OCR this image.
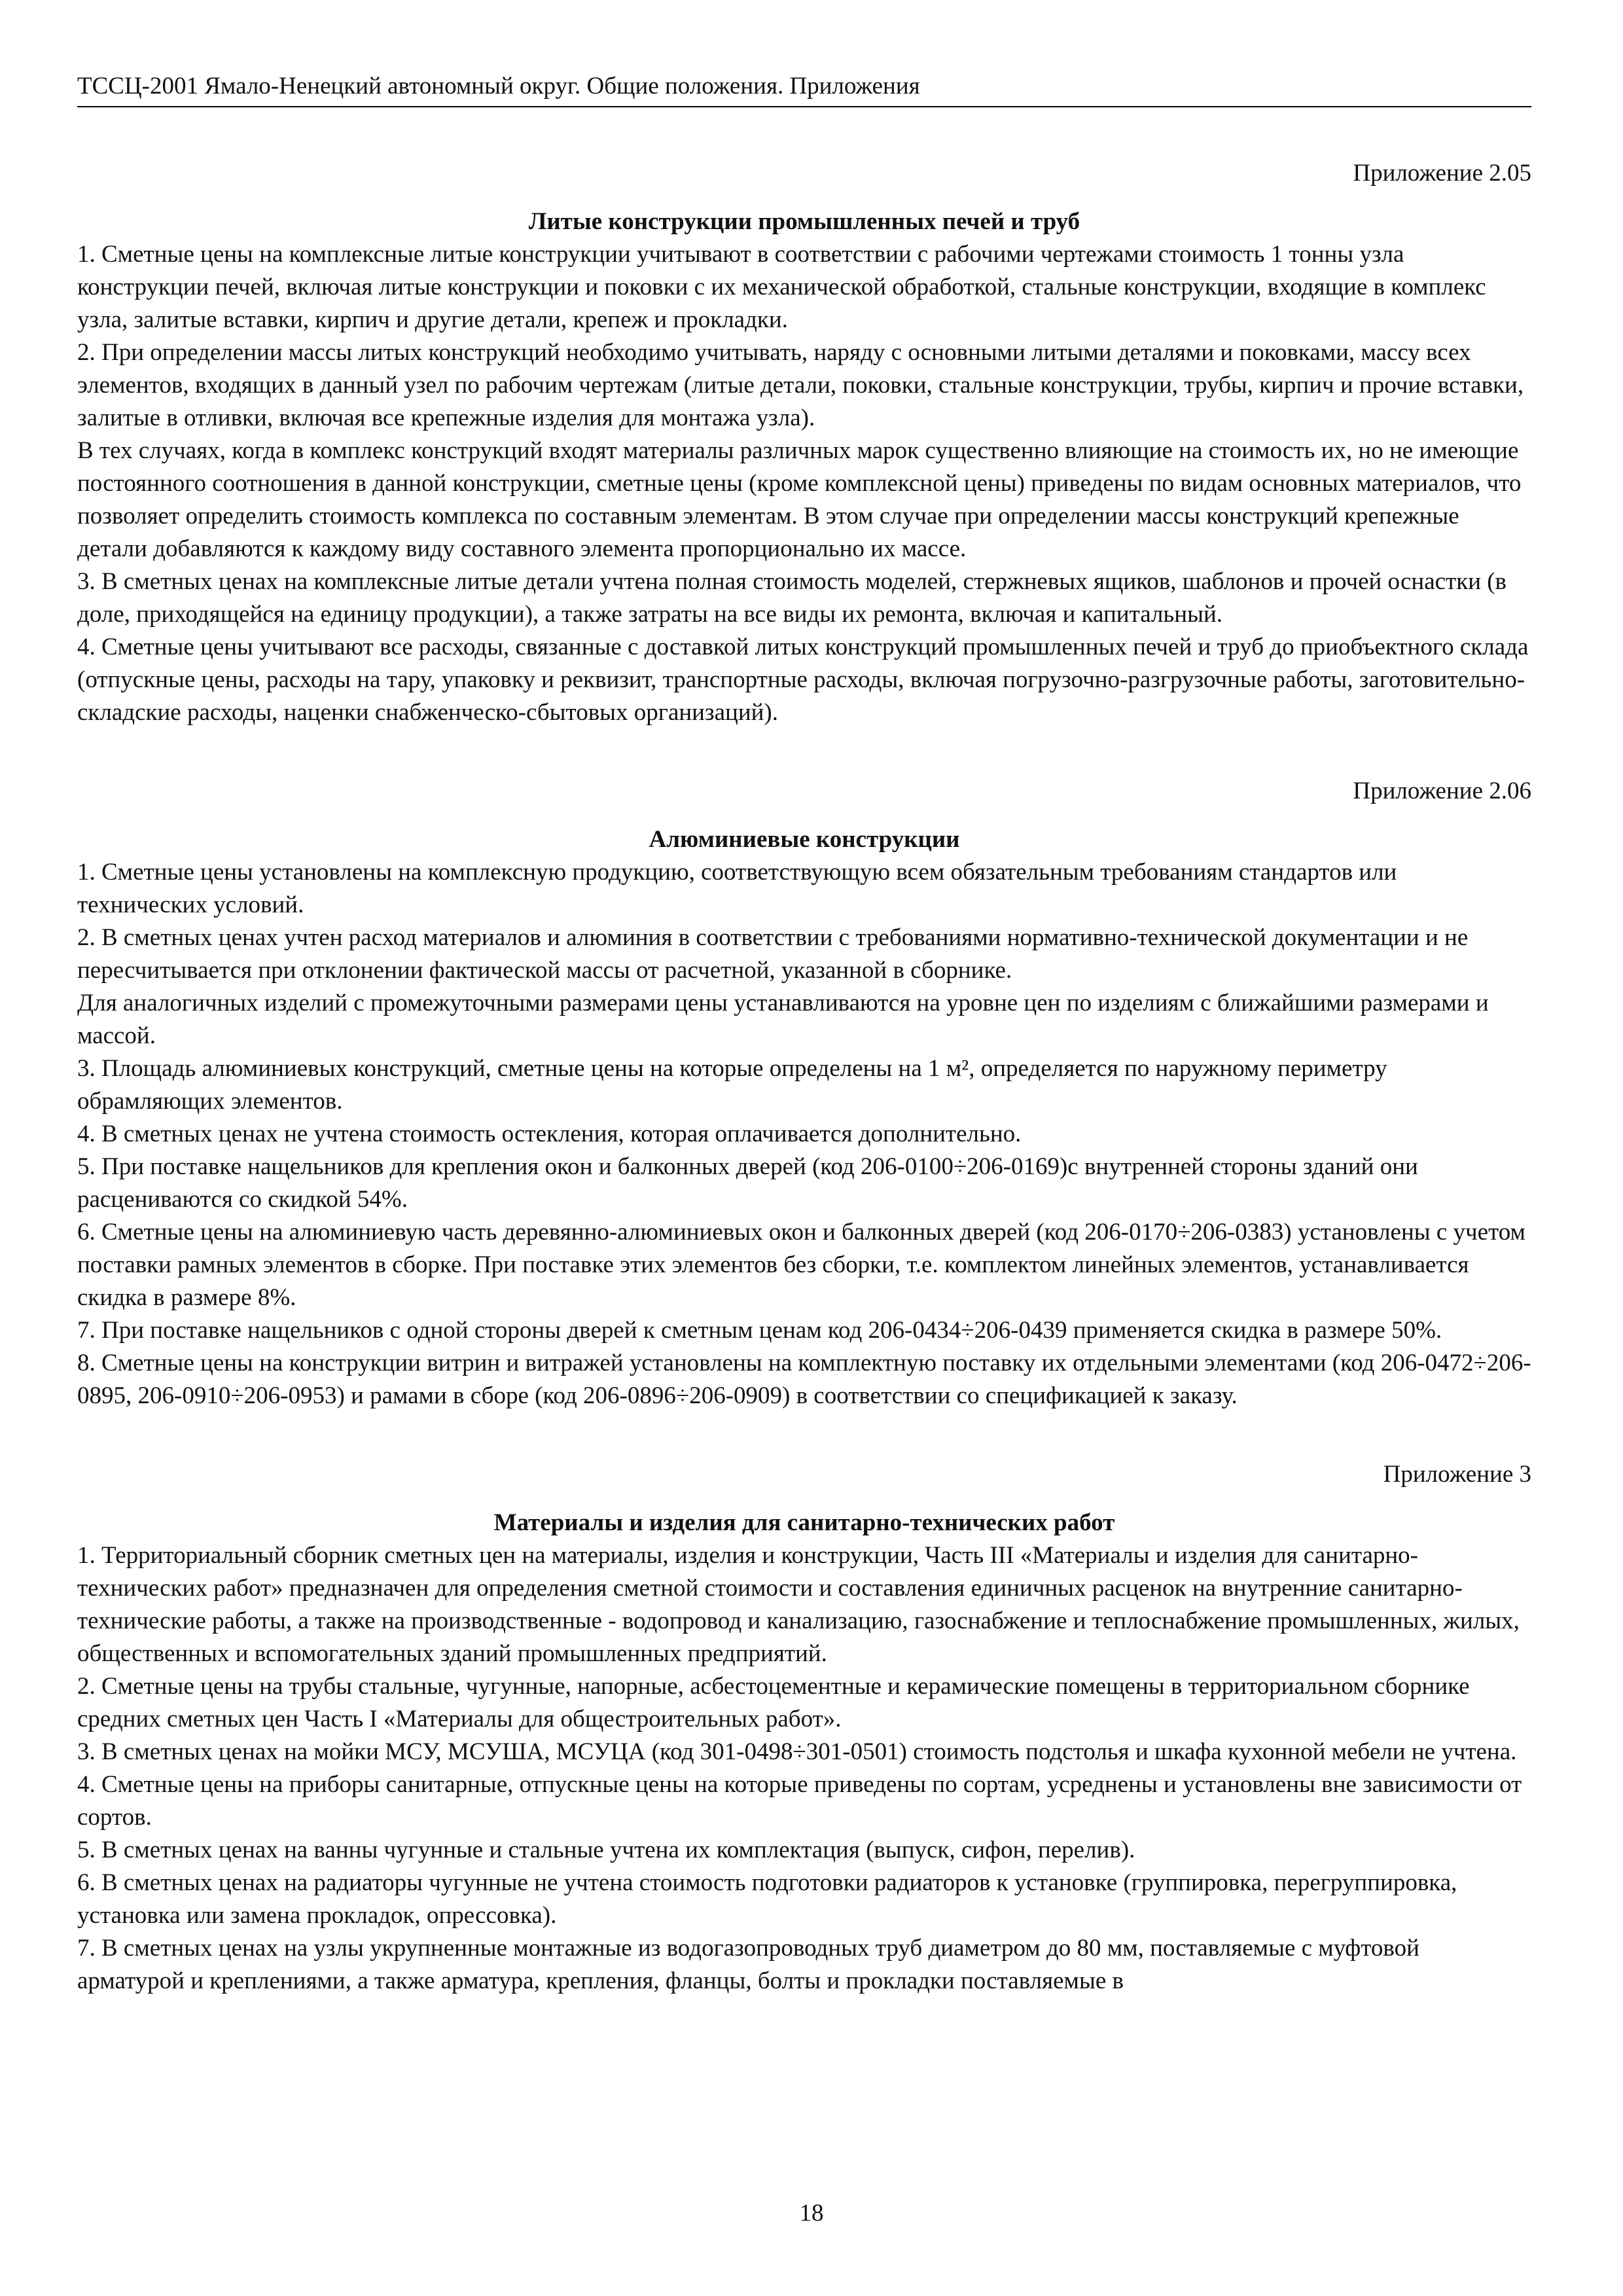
ТССЦ-2001 Ямало-Ненецкий автономный округ. Общие положения. Приложения

Приложение 2.05

Литые конструкции промышленных печей и труб

1. Сметные цены на комплексные литые конструкции учитывают в соответствии с рабочими чертежами стоимость 1 тонны узла конструкции печей, включая литые конструкции и поковки с их механической обработкой, стальные конструкции, входящие в комплекс узла, залитые вставки, кирпич и другие детали, крепеж и прокладки.

2. При определении массы литых конструкций необходимо учитывать, наряду с основными литыми деталями и поковками, массу всех элементов, входящих в данный узел по рабочим чертежам (литые детали, поковки, стальные конструкции, трубы, кирпич и прочие вставки, залитые в отливки, включая все крепежные изделия для монтажа узла).

В тех случаях, когда в комплекс конструкций входят материалы различных марок существенно влияющие на стоимость их, но не имеющие постоянного соотношения в данной конструкции, сметные цены (кроме комплексной цены) приведены по видам основных материалов, что позволяет определить стоимость комплекса по составным элементам. В этом случае при определении массы конструкций крепежные детали добавляются к каждому виду составного элемента пропорционально их массе.

3. В сметных ценах на комплексные литые детали учтена полная стоимость моделей, стержневых ящиков, шаблонов и прочей оснастки (в доле, приходящейся на единицу продукции), а также затраты на все виды их ремонта, включая и капитальный.

4. Сметные цены учитывают все расходы, связанные с доставкой литых конструкций промышленных печей и труб до приобъектного склада (отпускные цены, расходы на тару, упаковку и реквизит, транспортные расходы, включая погрузочно-разгрузочные работы, заготовительно-складские расходы, наценки снабженческо-сбытовых организаций).

Приложение 2.06

Алюминиевые конструкции

1. Сметные цены установлены на комплексную продукцию, соответствующую всем обязательным требованиям стандартов или технических условий.

2. В сметных ценах учтен расход материалов и алюминия в соответствии с требованиями нормативно-технической документации и не пересчитывается при отклонении фактической массы от расчетной, указанной в сборнике.

Для аналогичных изделий с промежуточными размерами цены устанавливаются на уровне цен по изделиям с ближайшими размерами и массой.

3. Площадь алюминиевых конструкций, сметные цены на которые определены на 1 м², определяется по наружному периметру обрамляющих элементов.

4. В сметных ценах не учтена стоимость остекления, которая оплачивается дополнительно.

5. При поставке нащельников для крепления окон и балконных дверей (код 206-0100÷206-0169)с внутренней стороны зданий они расцениваются со скидкой 54%.

6. Сметные цены на алюминиевую часть деревянно-алюминиевых окон и балконных дверей (код 206-0170÷206-0383) установлены с учетом поставки рамных элементов в сборке. При поставке этих элементов без сборки, т.е. комплектом линейных элементов, устанавливается скидка в размере 8%.

7. При поставке нащельников с одной стороны дверей к сметным ценам код 206-0434÷206-0439 применяется скидка в размере 50%.

8. Сметные цены на конструкции витрин и витражей установлены на комплектную поставку их отдельными элементами (код 206-0472÷206-0895, 206-0910÷206-0953) и рамами в сборе (код 206-0896÷206-0909) в соответствии со спецификацией к заказу.

Приложение 3

Материалы и изделия для санитарно-технических работ

1. Территориальный сборник сметных цен на материалы, изделия и конструкции, Часть III «Материалы и изделия для санитарно-технических работ» предназначен для определения сметной стоимости и составления единичных расценок на внутренние санитарно-технические работы, а также на производственные - водопровод и канализацию, газоснабжение и теплоснабжение промышленных, жилых, общественных и вспомогательных зданий промышленных предприятий.

2. Сметные цены на трубы стальные, чугунные, напорные, асбестоцементные и керамические помещены в территориальном сборнике средних сметных цен Часть I «Материалы для общестроительных работ».

3. В сметных ценах на мойки МСУ, МСУША, МСУЦА (код 301-0498÷301-0501) стоимость подстолья и шкафа кухонной мебели не учтена.

4. Сметные цены на приборы санитарные, отпускные цены на которые приведены по сортам, усреднены и установлены вне зависимости от сортов.

5. В сметных ценах на ванны чугунные и стальные учтена их комплектация (выпуск, сифон, перелив).

6. В сметных ценах на радиаторы чугунные не учтена стоимость подготовки радиаторов к установке (группировка, перегруппировка, установка или замена прокладок, опрессовка).

7. В сметных ценах на узлы укрупненные монтажные из водогазопроводных труб диаметром до 80 мм, поставляемые с муфтовой арматурой и креплениями, а также арматура, крепления, фланцы, болты и прокладки поставляемые в

18
